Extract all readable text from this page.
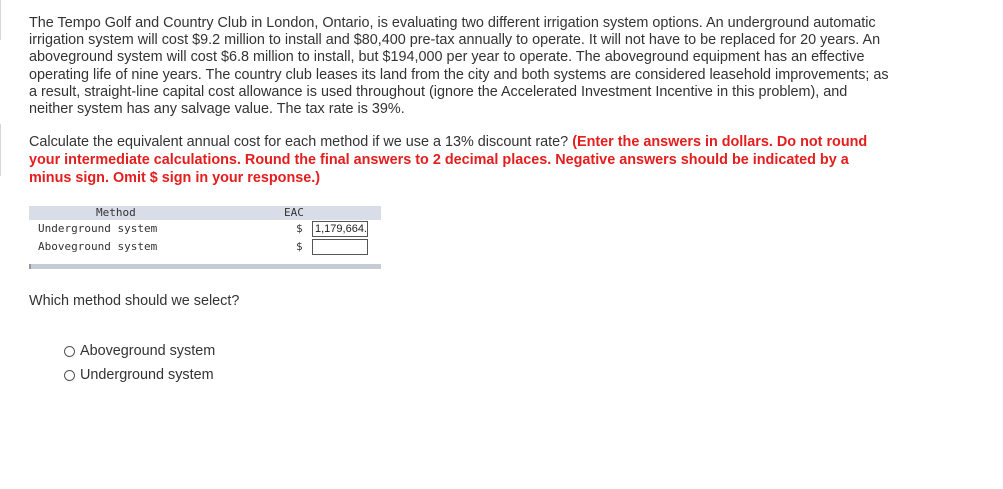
The Tempo Golf and Country Club in London, Ontario, is evaluating two different irrigation system options. An underground automatic irrigation system will cost $9.2 million to install and $80,400 pre-tax annually to operate. It will not have to be replaced for 20 years. An aboveground system will cost $6.8 million to install, but $194,000 per year to operate. The aboveground equipment has an effective operating life of nine years. The country club leases its land from the city and both systems are considered leasehold improvements; as a result, straight-line capital cost allowance is used throughout (ignore the Accelerated Investment Incentive in this problem), and neither system has any salvage value. The tax rate is 39%.

Calculate the equivalent annual cost for each method if we use a 13% discount rate? (Enter the answers in dollars. Do not round your intermediate calculations. Round the final answers to 2 decimal places. Negative answers should be indicated by a minus sign. Omit $ sign in your response.)

Method	EAC
Underground system	$ 1,179,664.
Aboveground system	$
Which method should we select?
Aboveground system
Underground system
